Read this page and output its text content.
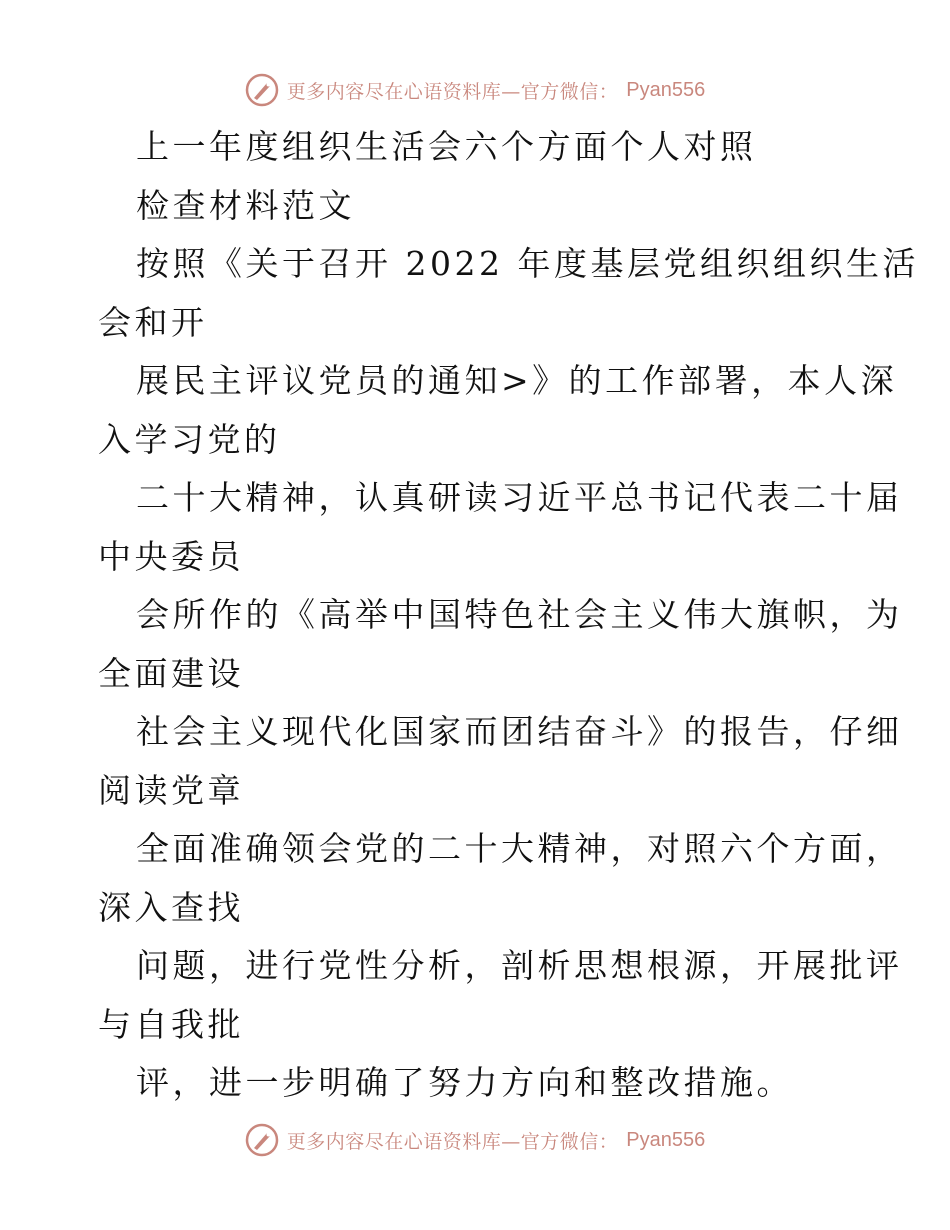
更多内容尽在心语资料库—官方微信： Pyan556
上一年度组织生活会六个方面个人对照
检查材料范文
按照《关于召开 2022 年度基层党组织组织生活
会和开
展民主评议党员的通知>》的工作部署，本人深
入学习党的
二十大精神，认真研读习近平总书记代表二十届
中央委员
会所作的《高举中国特色社会主义伟大旗帜，为
全面建设
社会主义现代化国家而团结奋斗》的报告，仔细
阅读党章
全面准确领会党的二十大精神，对照六个方面，
深入查找
问题，进行党性分析，剖析思想根源，开展批评
与自我批
评，进一步明确了努力方向和整改措施。
更多内容尽在心语资料库—官方微信： Pyan556
